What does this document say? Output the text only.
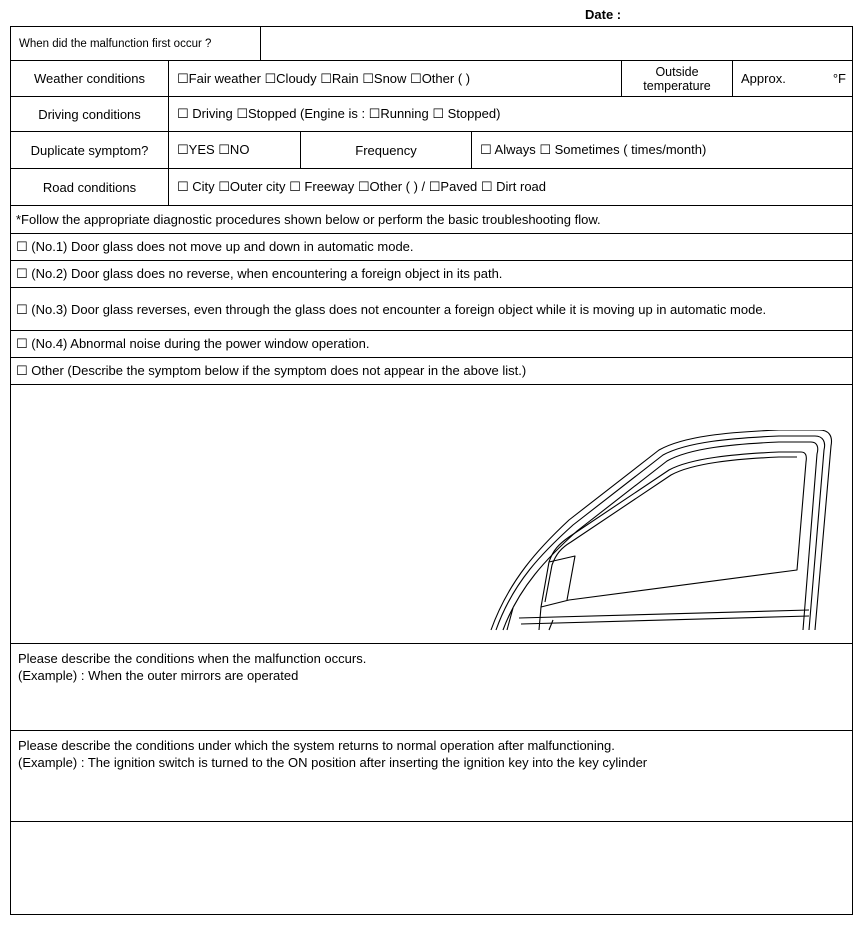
Date :
When did the malfunction first occur ?
Weather conditions	☐Fair weather ☐Cloudy ☐Rain ☐Snow ☐Other ( )	Outside temperature	Approx.	°F
Driving conditions	☐ Driving ☐Stopped (Engine is : ☐Running ☐ Stopped)
Duplicate symptom?	☐YES ☐NO	Frequency	☐ Always ☐ Sometimes ( times/month)
Road conditions	☐ City ☐Outer city ☐ Freeway ☐Other ( ) / ☐Paved ☐ Dirt road
*Follow the appropriate diagnostic procedures shown below or perform the basic troubleshooting flow.
☐ (No.1) Door glass does not move up and down in automatic mode.
☐ (No.2) Door glass does no reverse, when encountering a foreign object in its path.
☐ (No.3) Door glass reverses, even through the glass does not encounter a foreign object while it is moving up in automatic mode.
☐ (No.4) Abnormal noise during the power window operation.
☐ Other (Describe the symptom below if the symptom does not appear in the above list.)
Please describe the conditions when the malfunction occurs.
(Example) : When the outer mirrors are operated
Please describe the conditions under which the system returns to normal operation after malfunctioning.
(Example) : The ignition switch is turned to the ON position after inserting the ignition key into the key cylinder
